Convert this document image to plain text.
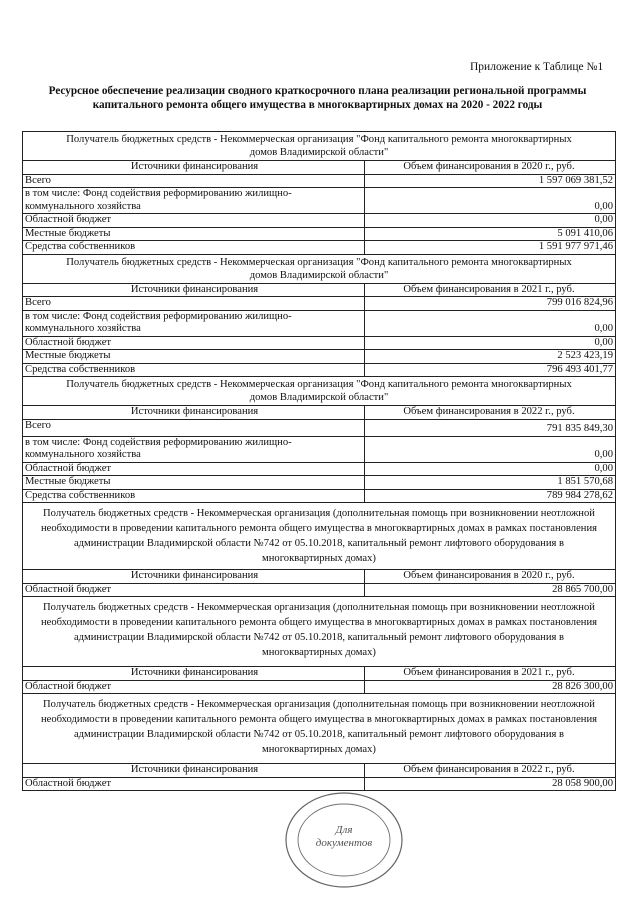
Приложение к Таблице №1
Ресурсное обеспечение реализации сводного краткосрочного плана реализации региональной программы
капитального ремонта общего имущества в многоквартирных домах на 2020 - 2022 годы
Получатель бюджетных средств - Некоммерческая организация "Фонд капитального ремонта многоквартирных домов Владимирской области"
Источники финансирования	Объем финансирования в 2020 г., руб.
Всего	1 597 069 381,52
в том числе: Фонд содействия реформированию жилищно-коммунального хозяйства	0,00
Областной бюджет	0,00
Местные бюджеты	5 091 410,06
Средства собственников	1 591 977 971,46
Получатель бюджетных средств - Некоммерческая организация "Фонд капитального ремонта многоквартирных домов Владимирской области"
Источники финансирования	Объем финансирования в 2021 г., руб.
Всего	799 016 824,96
в том числе: Фонд содействия реформированию жилищно-коммунального хозяйства	0,00
Областной бюджет	0,00
Местные бюджеты	2 523 423,19
Средства собственников	796 493 401,77
Получатель бюджетных средств - Некоммерческая организация "Фонд капитального ремонта многоквартирных домов Владимирской области"
Источники финансирования	Объем финансирования в 2022 г., руб.
Всего	791 835 849,30
в том числе: Фонд содействия реформированию жилищно-коммунального хозяйства	0,00
Областной бюджет	0,00
Местные бюджеты	1 851 570,68
Средства собственников	789 984 278,62
Получатель бюджетных средств - Некоммерческая организация (дополнительная помощь при возникновении неотложной необходимости в проведении капитального ремонта общего имущества в многоквартирных домах в рамках постановления администрации Владимирской области №742 от 05.10.2018, капитальный ремонт лифтового оборудования в многоквартирных домах)
Источники финансирования	Объем финансирования в 2020 г., руб.
Областной бюджет	28 865 700,00
Получатель бюджетных средств - Некоммерческая организация (дополнительная помощь при возникновении неотложной необходимости в проведении капитального ремонта общего имущества в многоквартирных домах в рамках постановления администрации Владимирской области №742 от 05.10.2018, капитальный ремонт лифтового оборудования в многоквартирных домах)
Источники финансирования	Объем финансирования в 2021 г., руб.
Областной бюджет	28 826 300,00
Получатель бюджетных средств - Некоммерческая организация (дополнительная помощь при возникновении неотложной необходимости в проведении капитального ремонта общего имущества в многоквартирных домах в рамках постановления администрации Владимирской области №742 от 05.10.2018, капитальный ремонт лифтового оборудования в многоквартирных домах)
Источники финансирования	Объем финансирования в 2022 г., руб.
Областной бюджет	28 058 900,00
Для
документов
